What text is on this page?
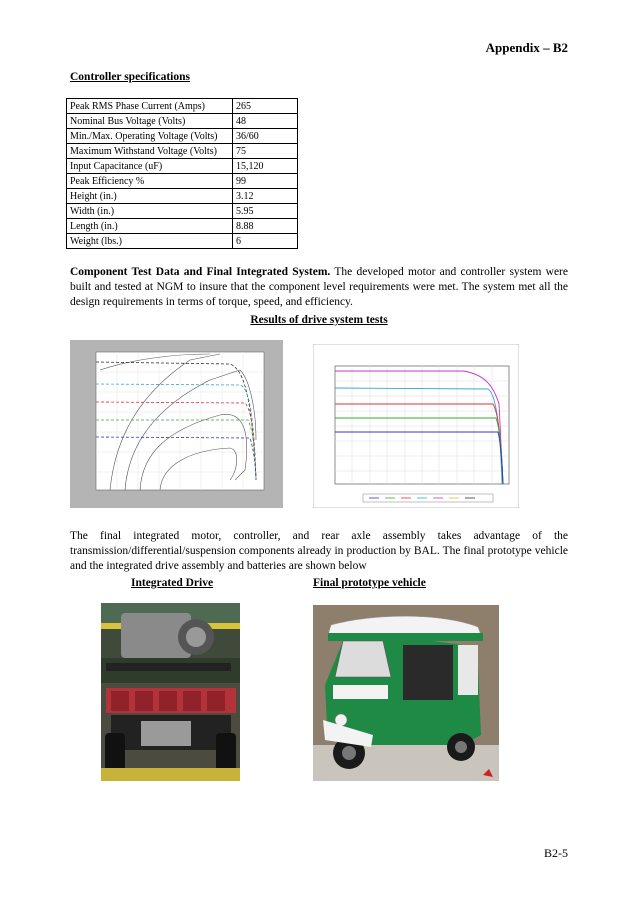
Appendix – B2
Controller specifications
Peak RMS Phase Current (Amps)	265
Nominal Bus Voltage (Volts)	48
Min./Max. Operating Voltage (Volts)	36/60
Maximum Withstand Voltage (Volts)	75
Input Capacitance (uF)	15,120
Peak Efficiency %	99
Height (in.)	3.12
Width (in.)	5.95
Length (in.)	8.88
Weight (lbs.)	6
Component Test Data and Final Integrated System. The developed motor and controller system were built and tested at NGM to insure that the component level requirements were met. The system met all the design requirements in terms of torque, speed, and efficiency.
Results of drive system tests
The final integrated motor, controller, and rear axle assembly takes advantage of the transmission/differential/suspension components already in production by BAL. The final prototype vehicle and the integrated drive assembly and batteries are shown below
Integrated Drive	Final prototype vehicle
B2-5
